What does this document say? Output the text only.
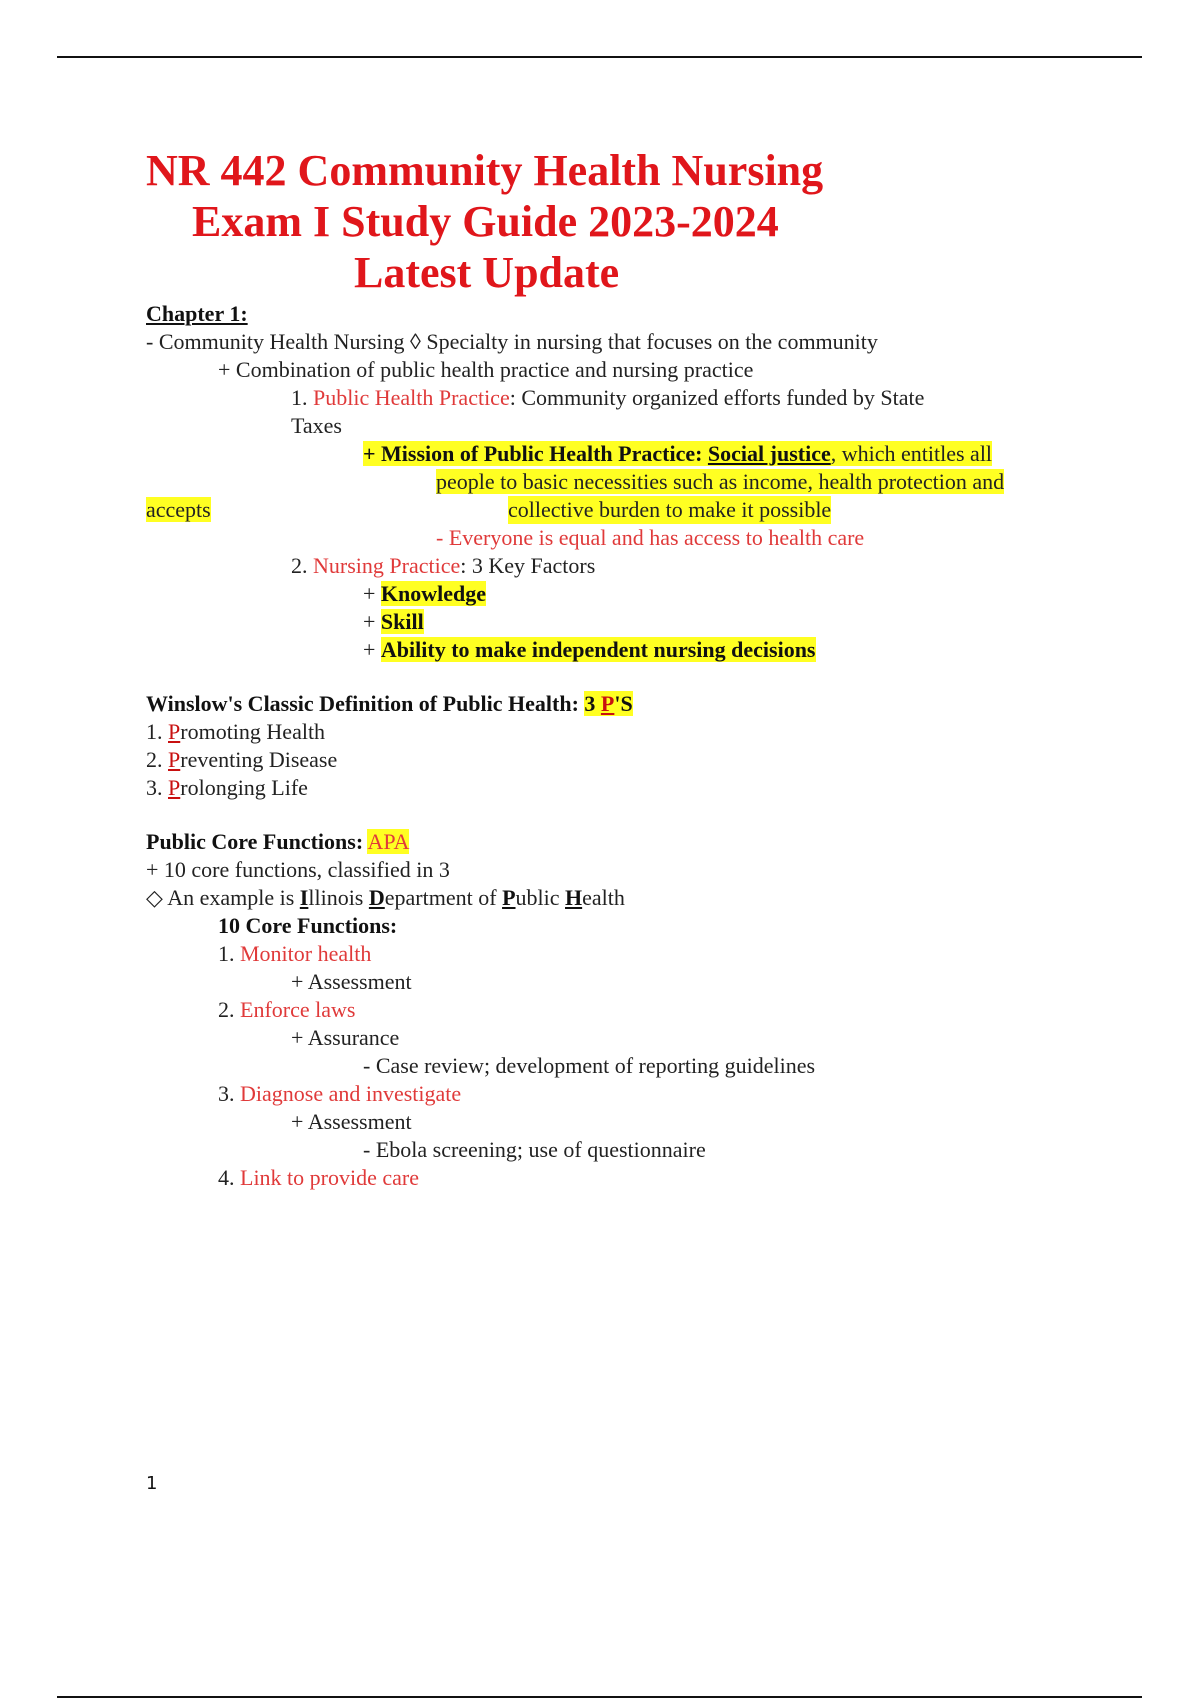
NR 442 Community Health Nursing
Exam I Study Guide 2023-2024
Latest Update
Chapter 1:
- Community Health Nursing ◊ Specialty in nursing that focuses on the community
+ Combination of public health practice and nursing practice
1. Public Health Practice: Community organized efforts funded by State
Taxes
+ Mission of Public Health Practice: Social justice, which entitles all
people to basic necessities such as income, health protection and
accepts	collective burden to make it possible
- Everyone is equal and has access to health care
2. Nursing Practice: 3 Key Factors
+ Knowledge
+ Skill
+ Ability to make independent nursing decisions
Winslow's Classic Definition of Public Health: 3 P'S
1. Promoting Health
2. Preventing Disease
3. Prolonging Life
Public Core Functions: APA
+ 10 core functions, classified in 3
◇ An example is Illinois Department of Public Health
10 Core Functions:
1. Monitor health
+ Assessment
2. Enforce laws
+ Assurance
- Case review; development of reporting guidelines
3. Diagnose and investigate
+ Assessment
- Ebola screening; use of questionnaire
4. Link to provide care
1
